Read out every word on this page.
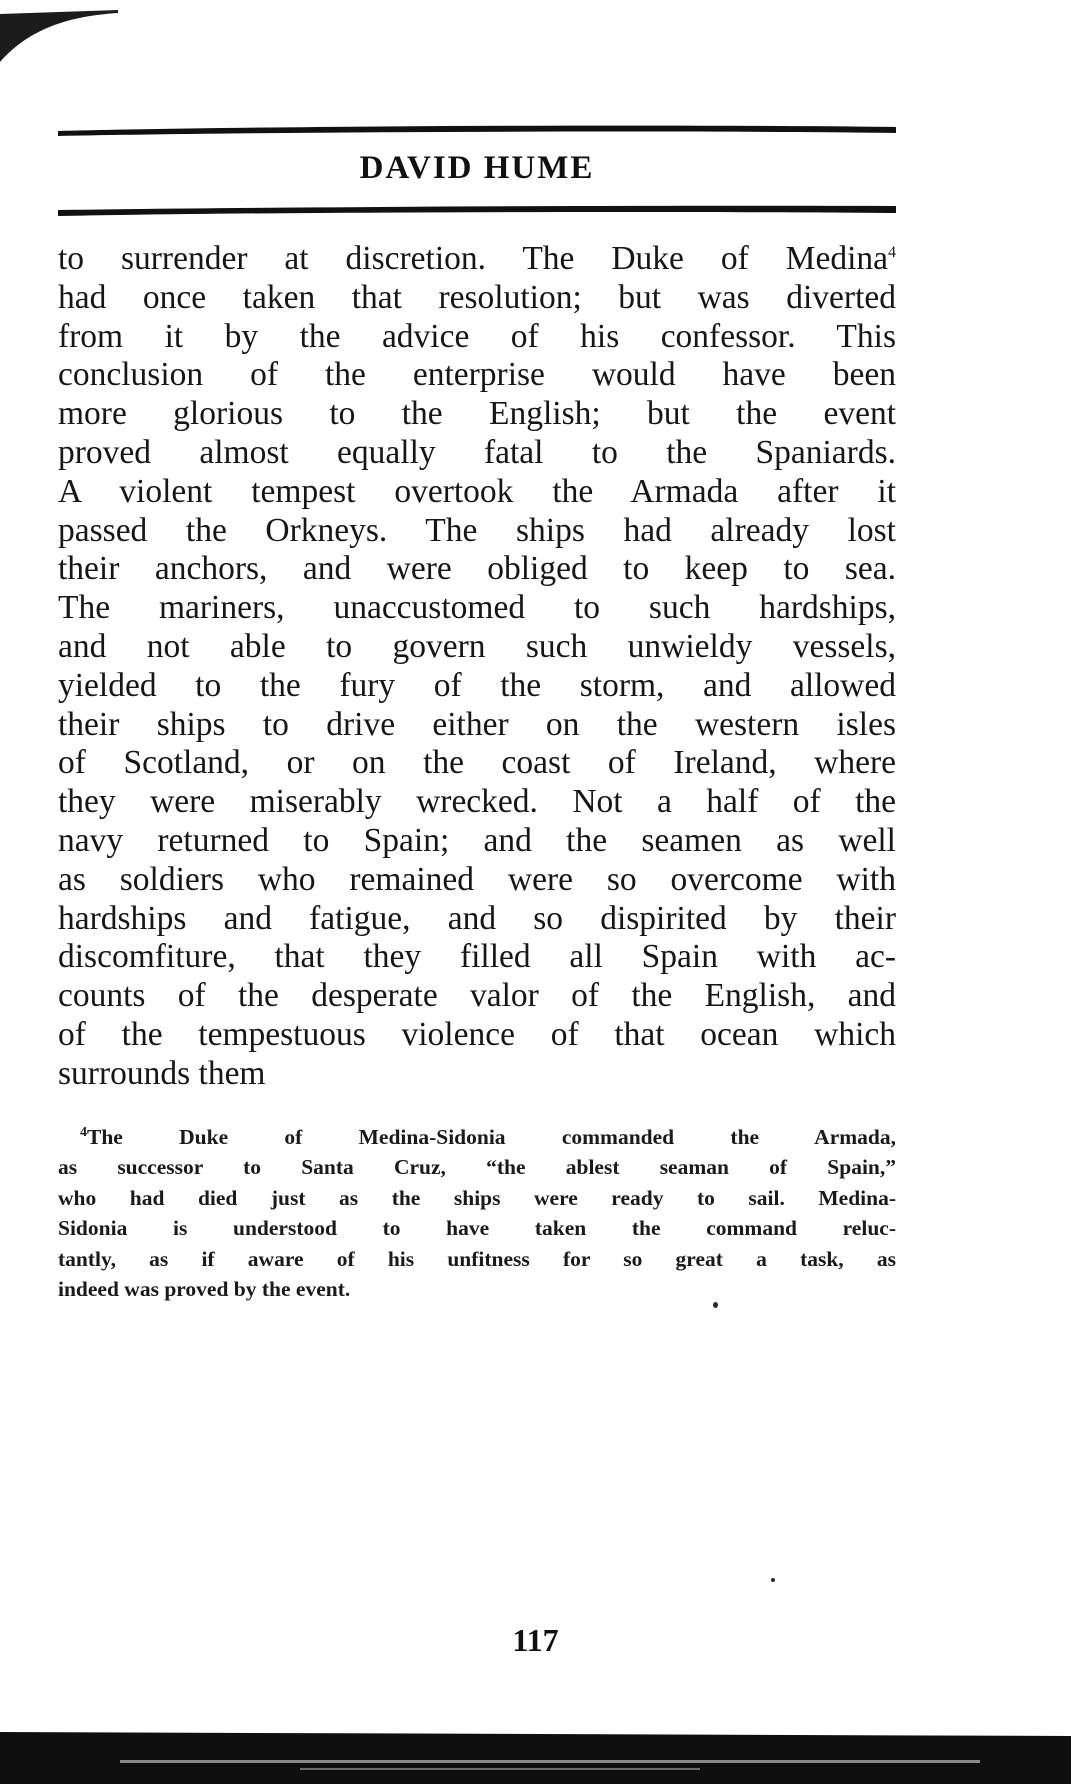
DAVID HUME
to surrender at discretion. The Duke of Medina$^4$
had once taken that resolution; but was diverted
from it by the advice of his confessor. This
conclusion of the enterprise would have been
more glorious to the English; but the event
proved almost equally fatal to the Spaniards.
A violent tempest overtook the Armada after it
passed the Orkneys. The ships had already lost
their anchors, and were obliged to keep to sea.
The mariners, unaccustomed to such hardships,
and not able to govern such unwieldy vessels,
yielded to the fury of the storm, and allowed
their ships to drive either on the western isles
of Scotland, or on the coast of Ireland, where
they were miserably wrecked. Not a half of the
navy returned to Spain; and the seamen as well
as soldiers who remained were so overcome with
hardships and fatigue, and so dispirited by their
discomfiture, that they filled all Spain with ac-
counts of the desperate valor of the English, and
of the tempestuous violence of that ocean which
surrounds them
$^4$The Duke of Medina-Sidonia commanded the Armada,
as successor to Santa Cruz, “the ablest seaman of Spain,”
who had died just as the ships were ready to sail. Medina-
Sidonia is understood to have taken the command reluc-
tantly, as if aware of his unfitness for so great a task, as
indeed was proved by the event.
117
